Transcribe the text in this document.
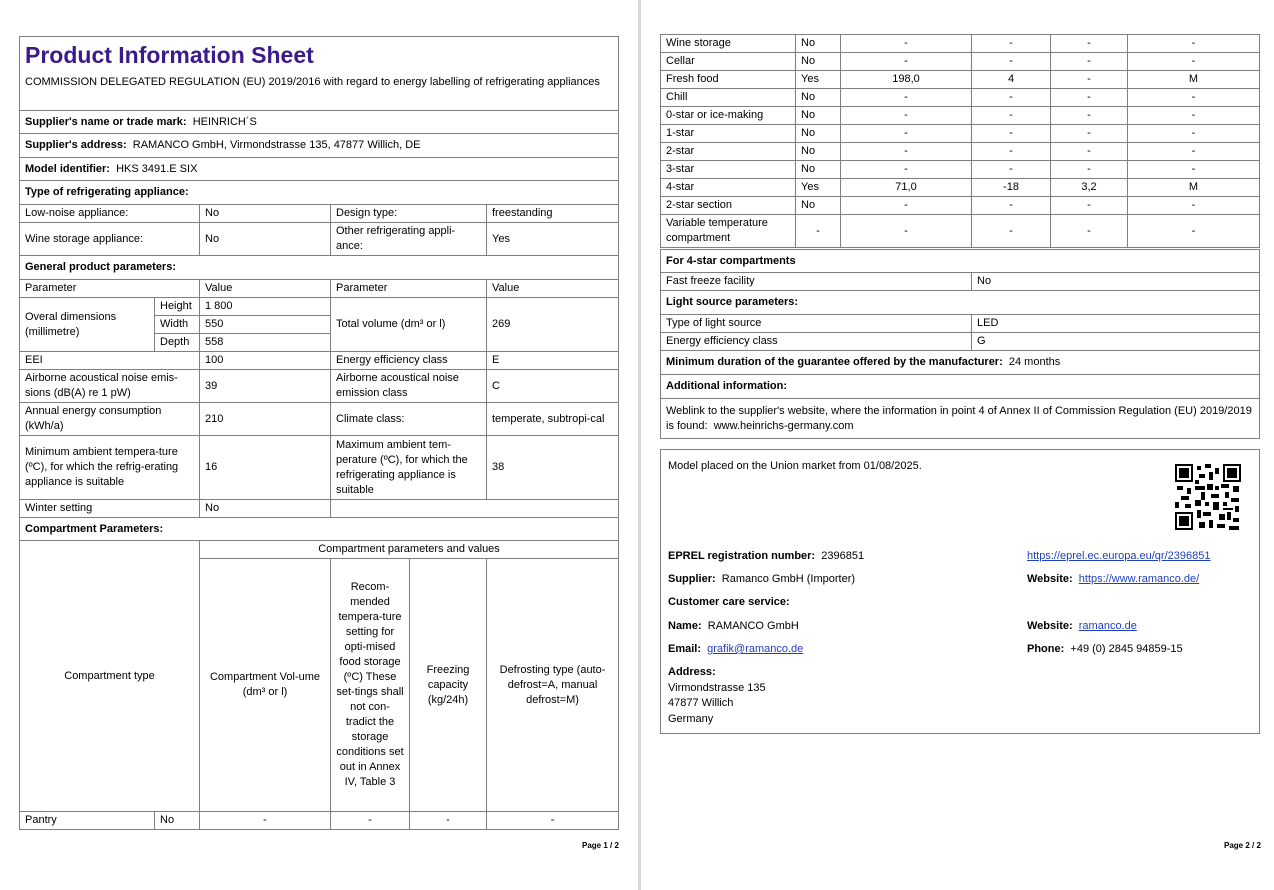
Product Information Sheet
COMMISSION DELEGATED REGULATION (EU) 2019/2016 with regard to energy labelling of refrigerating appliances					

Supplier's name or trade mark: HEINRICH´S					
Supplier's address: RAMANCO GmbH, Virmondstrasse 135, 47877 Willich, DE					
Model identifier: HKS 3491.E SIX					
Type of refrigerating appliance:					
Low-noise appliance:		No	Design type:		freestanding
Wine storage appliance:		No	Other refrigerating appli-ance:		Yes
General product parameters:					
Parameter		Value	Parameter		Value
Overal dimensions (millimetre)	Height	1 800	Total volume (dm³ or l)		269
	Width	550			
	Depth	558			
EEI		100	Energy efficiency class		E
Airborne acoustical noise emis-sions (dB(A) re 1 pW)		39	Airborne acoustical noise emission class		C
Annual energy consumption (kWh/a)		210	Climate class:		temperate, subtropi-cal
Minimum ambient tempera-ture (ºC), for which the refrig-erating appliance is suitable		16	Maximum ambient tem-perature (ºC), for which the refrigerating appliance is suitable		38
Winter setting		No			
Compartment Parameters:					
Compartment type		Compartment parameters and values			
		Compartment Vol-ume (dm³ or l)	Recom-mended tempera-ture setting for opti-mised food storage (ºC) These set-tings shall not con-tradict the storage conditions set out in Annex IV, Table 3	Freezing capacity (kg/24h)	Defrosting type (auto-defrost=A, manual defrost=M)
Pantry	No	-	-	-	-
Page 1 / 2
Wine storage	No	-	-	-	-
Cellar	No	-	-	-	-
Fresh food	Yes	198,0	4	-	M
Chill	No	-	-	-	-
0-star or ice-making	No	-	-	-	-
1-star	No	-	-	-	-
2-star	No	-	-	-	-
3-star	No	-	-	-	-
4-star	Yes	71,0	-18	3,2	M
2-star section	No	-	-	-	-
Variable temperature compartment	-	-	-	-	-
For 4-star compartments	
Fast freeze facility	No
Light source parameters:	
Type of light source	LED
Energy efficiency class	G
Minimum duration of the guarantee offered by the manufacturer: 24 months	
Additional information:	
Weblink to the supplier's website, where the information in point 4 of Annex II of Commission Regulation (EU) 2019/2019 is found: www.heinrichs-germany.com	
Model placed on the Union market from 01/08/2025.
EPREL registration number: 2396851	https://eprel.ec.europa.eu/qr/2396851
Supplier: Ramanco GmbH (Importer)	Website: https://www.ramanco.de/
Customer care service:
Name: RAMANCO GmbH	Website: ramanco.de
Email: grafik@ramanco.de	Phone: +49 (0) 2845 94859-15
Address:
Virmondstrasse 135
47877 Willich
Germany
Page 2 / 2
